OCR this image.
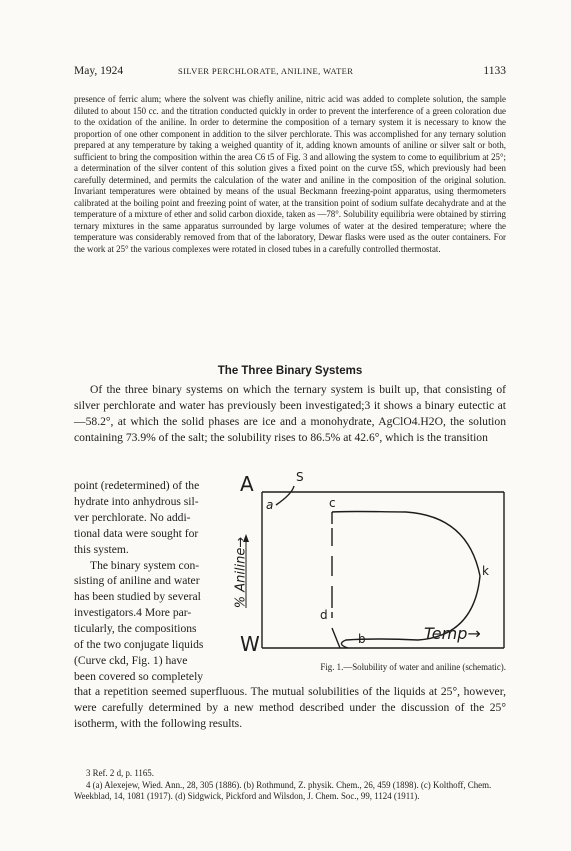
May, 1924	SILVER PERCHLORATE, ANILINE, WATER	1133

presence of ferric alum; where the solvent was chiefly aniline, nitric acid was added to complete solution, the sample diluted to about 150 cc. and the titration conducted quickly in order to prevent the interference of a green coloration due to the oxidation of the aniline. In order to determine the composition of a ternary system it is necessary to know the proportion of one other component in addition to the silver perchlorate. This was accomplished for any ternary solution prepared at any temperature by taking a weighed quantity of it, adding known amounts of aniline or silver salt or both, sufficient to bring the composition within the area C6 t5 of Fig. 3 and allowing the system to come to equilibrium at 25°; a determination of the silver content of this solution gives a fixed point on the curve t5S, which previously had been carefully determined, and permits the calculation of the water and aniline in the composition of the original solution. Invariant temperatures were obtained by means of the usual Beckmann freezing-point apparatus, using thermometers calibrated at the boiling point and freezing point of water, at the transition point of sodium sulfate decahydrate and at the temperature of a mixture of ether and solid carbon dioxide, taken as —78°. Solubility equilibria were obtained by stirring ternary mixtures in the same apparatus surrounded by large volumes of water at the desired temperature; where the temperature was considerably removed from that of the laboratory, Dewar flasks were used as the outer containers. For the work at 25° the various complexes were rotated in closed tubes in a carefully controlled thermostat.

The Three Binary Systems

Of the three binary systems on which the ternary system is built up, that consisting of silver perchlorate and water has previously been investigated;3 it shows a binary eutectic at —58.2°, at which the solid phases are ice and a monohydrate, AgClO4.H2O, the solution containing 73.9% of the salt; the solubility rises to 86.5% at 42.6°, which is the transition

point (redetermined) of the
hydrate into anhydrous sil-
ver perchlorate. No addi-
tional data were sought for
this system.
The binary system con-
sisting of aniline and water
has been studied by several
investigators.4 More par-
ticularly, the compositions
of the two conjugate liquids
(Curve ckd, Fig. 1) have
been covered so completely
A
W
S
a	c
k
d
b
% Aniline→
Temp→
Fig. 1.—Solubility of water and aniline (schematic).

that a repetition seemed superfluous. The mutual solubilities of the liquids at 25°, however, were carefully determined by a new method described under the discussion of the 25° isotherm, with the following results.

3 Ref. 2 d, p. 1165.

4 (a) Alexejew, Wied. Ann., 28, 305 (1886). (b) Rothmund, Z. physik. Chem., 26, 459 (1898). (c) Kolthoff, Chem. Weekblad, 14, 1081 (1917). (d) Sidgwick, Pickford and Wilsdon, J. Chem. Soc., 99, 1124 (1911).
